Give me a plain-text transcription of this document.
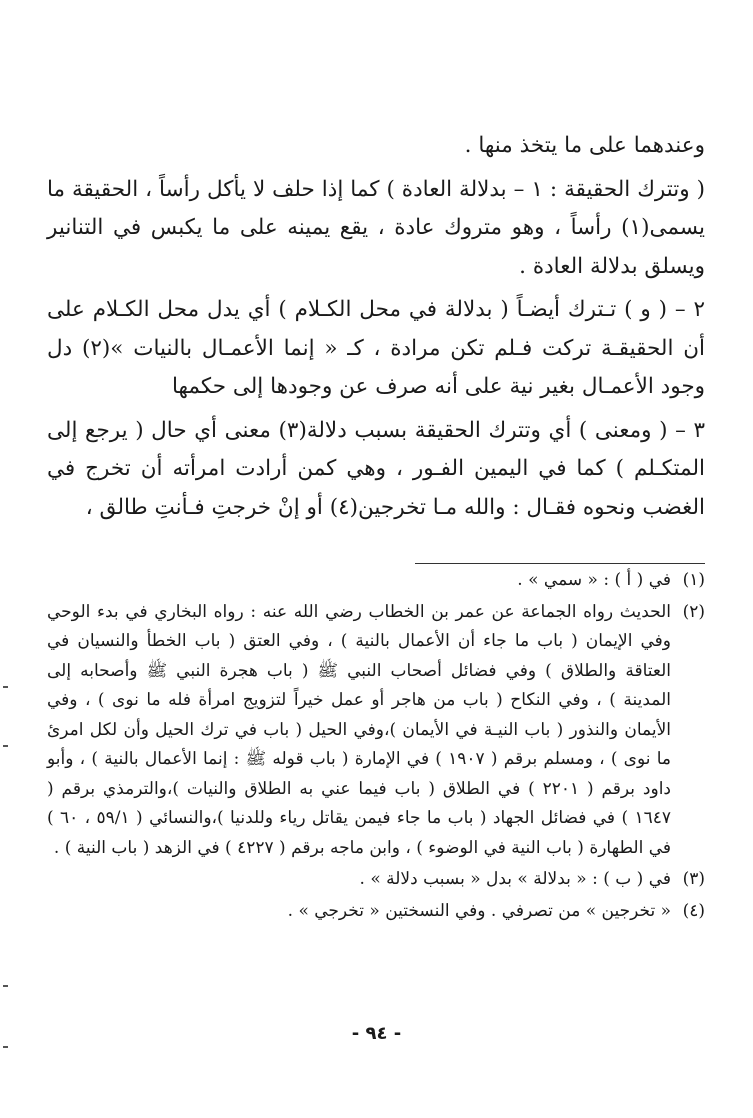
وعندهما على ما يتخذ منها .

( وتترك الحقيقة : ١ – بدلالة العادة ) كما إذا حلف لا يأكل رأساً ، الحقيقة ما يسمى(١) رأساً ، وهو متروك عادة ، يقع يمينه على ما يكبس في التنانير ويسلق بدلالة العادة .

٢ – ( و ) تـترك أيضـاً ( بدلالة في محل الكـلام ) أي يدل محل الكـلام على أن الحقيقـة تركت فـلم تكن مرادة ، كـ « إنما الأعمـال بالنيات »(٢) دل وجود الأعمـال بغير نية على أنه صرف عن وجودها إلى حكمها

٣ – ( ومعنى ) أي وتترك الحقيقة بسبب دلالة(٣) معنى أي حال ( يرجع إلى المتكـلم ) كما في اليمين الفـور ، وهي كمن أرادت امرأته أن تخرج في الغضب ونحوه فقـال : والله مـا تخرجين(٤) أو إنْ خرجتِ فـأنتِ طالق ،

(١)
في ( أ ) : « سمي » .
(٢)
الحديث رواه الجماعة عن عمر بن الخطاب رضي الله عنه : رواه البخاري في بدء الوحي وفي الإيمان ( باب ما جاء أن الأعمال بالنية ) ، وفي العتق ( باب الخطأ والنسيان في العتاقة والطلاق ) وفي فضائل أصحاب النبي ﷺ ( باب هجرة النبي ﷺ وأصحابه إلى المدينة ) ، وفي النكاح ( باب من هاجر أو عمل خيراً لتزويج امرأة فله ما نوى ) ، وفي الأيمان والنذور ( باب النيـة في الأيمان )،وفي الحيل ( باب في ترك الحيل وأن لكل امرئ ما نوى ) ، ومسلم برقم ( ١٩٠٧ ) في الإمارة ( باب قوله ﷺ : إنما الأعمال بالنية ) ، وأبو داود برقم ( ٢٢٠١ ) في الطلاق ( باب فيما عني به الطلاق والنيات )،والترمذي برقم ( ١٦٤٧ ) في فضائل الجهاد ( باب ما جاء فيمن يقاتل رياء وللدنيا )،والنسائي ( ٥٩/١ ، ٦٠ ) في الطهارة ( باب النية في الوضوء ) ، وابن ماجه برقم ( ٤٢٢٧ ) في الزهد ( باب النية ) .
(٣)
في ( ب ) : « بدلالة » بدل « بسبب دلالة » .
(٤)
« تخرجين » من تصرفي . وفي النسختين « تخرجي » .
- ٩٤ -
